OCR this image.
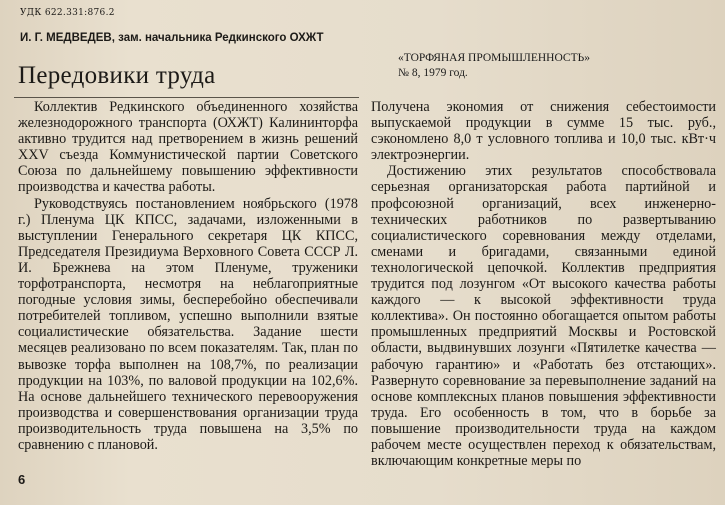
УДК 622.331:876.2
И. Г. МЕДВЕДЕВ, зам. начальника Редкинского ОХЖТ
«ТОРФЯНАЯ ПРОМЫШЛЕННОСТЬ»
№ 8, 1979 год.
Передовики труда

Коллектив Редкинского объединенного хозяйства железнодорожного транспорта (ОХЖТ) Калининторфа активно трудится над претворением в жизнь решений XXV съезда Коммунистической партии Советского Союза по дальнейшему повышению эффективности производства и качества работы.

Руководствуясь постановлением ноябрьского (1978 г.) Пленума ЦК КПСС, задачами, изложенными в выступлении Генерального секретаря ЦК КПСС, Председателя Президиума Верховного Совета СССР Л. И. Брежнева на этом Пленуме, труженики торфотранспорта, несмотря на неблагоприятные погодные условия зимы, бесперебойно обеспечивали потребителей топливом, успешно выполнили взятые социалистические обязательства. Задание шести месяцев реализовано по всем показателям. Так, план по вывозке торфа выполнен на 108,7%, по реализации продукции на 103%, по валовой продукции на 102,6%. На основе дальнейшего технического перевооружения производства и совершенствования организации труда производительность труда повышена на 3,5% по сравнению с плановой.

Получена экономия от снижения себестоимости выпускаемой продукции в сумме 15 тыс. руб., сэкономлено 8,0 т условного топлива и 10,0 тыс. кВт·ч электроэнергии.

Достижению этих результатов способствовала серьезная организаторская работа партийной и профсоюзной организаций, всех инженерно-технических работников по развертыванию социалистического соревнования между отделами, сменами и бригадами, связанными единой технологической цепочкой. Коллектив предприятия трудится под лозунгом «От высокого качества работы каждого — к высокой эффективности труда коллектива». Он постоянно обогащается опытом работы промышленных предприятий Москвы и Ростовской области, выдвинувших лозунги «Пятилетке качества — рабочую гарантию» и «Работать без отстающих». Развернуто соревнование за перевыполнение заданий на основе комплексных планов повышения эффективности труда. Его особенность в том, что в борьбе за повышение производительности труда на каждом рабочем месте осуществлен переход к обязательствам, включающим конкретные меры по

6
